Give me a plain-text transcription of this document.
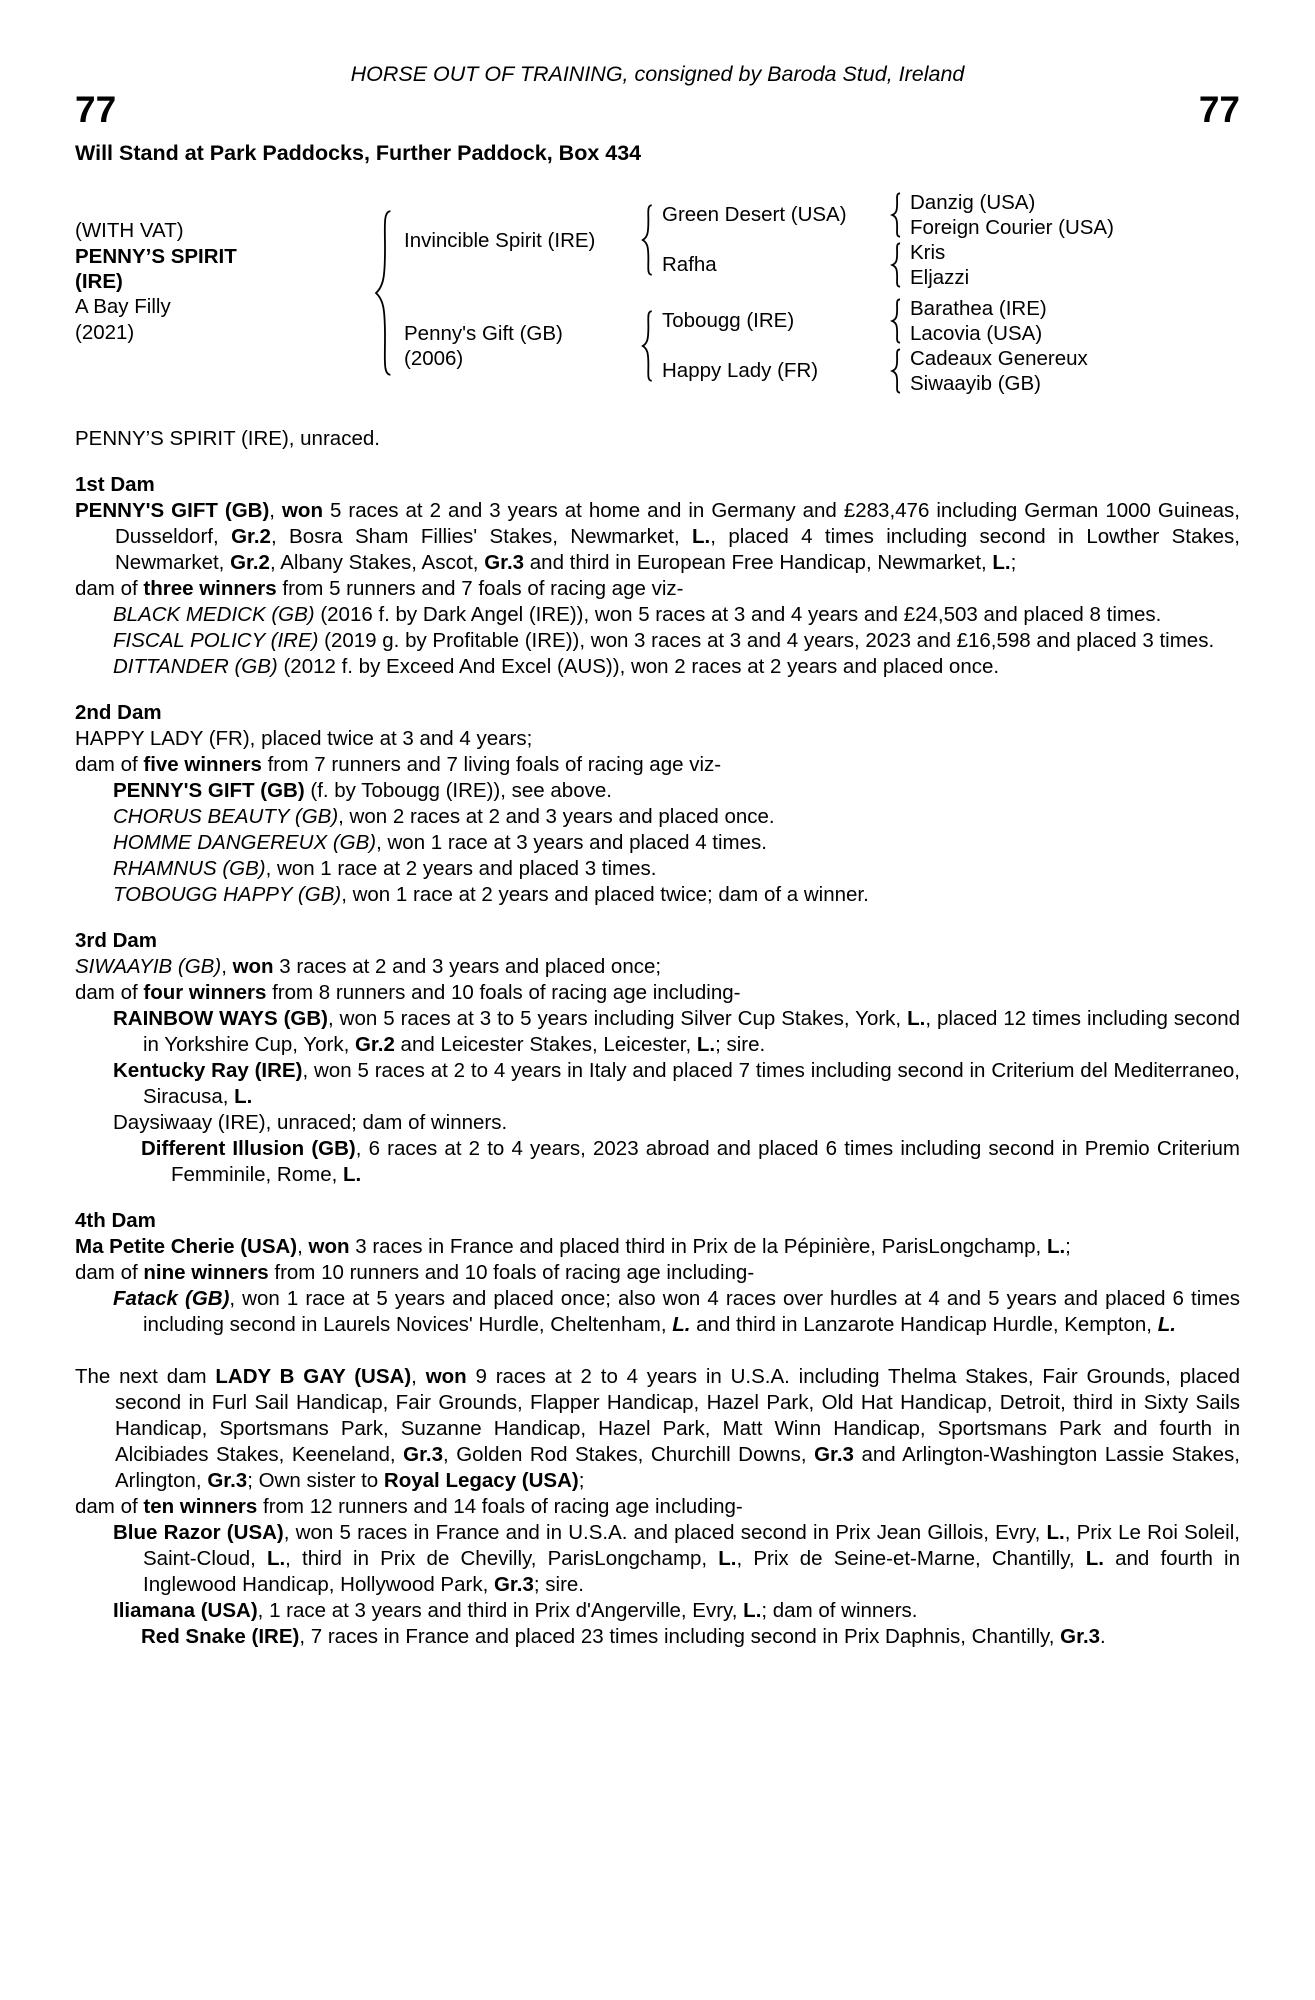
HORSE OUT OF TRAINING, consigned by Baroda Stud, Ireland
77	77
Will Stand at Park Paddocks, Further Paddock, Box 434
(WITH VAT)
PENNY’S SPIRIT
(IRE)
A Bay Filly
(2021)
Invincible Spirit (IRE)
Green Desert (USA)
Danzig (USA)
Foreign Courier (USA)
Rafha
Kris
Eljazzi
Penny's Gift (GB)
(2006)
Tobougg (IRE)
Barathea (IRE)
Lacovia (USA)
Happy Lady (FR)
Cadeaux Genereux
Siwaayib (GB)
PENNY’S SPIRIT (IRE), unraced.
1st Dam
PENNY'S GIFT (GB), won 5 races at 2 and 3 years at home and in Germany and £283,476 including German 1000 Guineas, Dusseldorf, Gr.2, Bosra Sham Fillies' Stakes, Newmarket, L., placed 4 times including second in Lowther Stakes, Newmarket, Gr.2, Albany Stakes, Ascot, Gr.3 and third in European Free Handicap, Newmarket, L.;
dam of three winners from 5 runners and 7 foals of racing age viz-
BLACK MEDICK (GB) (2016 f. by Dark Angel (IRE)), won 5 races at 3 and 4 years and £24,503 and placed 8 times.
FISCAL POLICY (IRE) (2019 g. by Profitable (IRE)), won 3 races at 3 and 4 years, 2023 and £16,598 and placed 3 times.
DITTANDER (GB) (2012 f. by Exceed And Excel (AUS)), won 2 races at 2 years and placed once.
2nd Dam
HAPPY LADY (FR), placed twice at 3 and 4 years;
dam of five winners from 7 runners and 7 living foals of racing age viz-
PENNY'S GIFT (GB) (f. by Tobougg (IRE)), see above.
CHORUS BEAUTY (GB), won 2 races at 2 and 3 years and placed once.
HOMME DANGEREUX (GB), won 1 race at 3 years and placed 4 times.
RHAMNUS (GB), won 1 race at 2 years and placed 3 times.
TOBOUGG HAPPY (GB), won 1 race at 2 years and placed twice; dam of a winner.
3rd Dam
SIWAAYIB (GB), won 3 races at 2 and 3 years and placed once;
dam of four winners from 8 runners and 10 foals of racing age including-
RAINBOW WAYS (GB), won 5 races at 3 to 5 years including Silver Cup Stakes, York, L., placed 12 times including second in Yorkshire Cup, York, Gr.2 and Leicester Stakes, Leicester, L.; sire.
Kentucky Ray (IRE), won 5 races at 2 to 4 years in Italy and placed 7 times including second in Criterium del Mediterraneo, Siracusa, L.
Daysiwaay (IRE), unraced; dam of winners.
Different Illusion (GB), 6 races at 2 to 4 years, 2023 abroad and placed 6 times including second in Premio Criterium Femminile, Rome, L.
4th Dam
Ma Petite Cherie (USA), won 3 races in France and placed third in Prix de la Pépinière, ParisLongchamp, L.;
dam of nine winners from 10 runners and 10 foals of racing age including-
Fatack (GB), won 1 race at 5 years and placed once; also won 4 races over hurdles at 4 and 5 years and placed 6 times including second in Laurels Novices' Hurdle, Cheltenham, L. and third in Lanzarote Handicap Hurdle, Kempton, L.
The next dam LADY B GAY (USA), won 9 races at 2 to 4 years in U.S.A. including Thelma Stakes, Fair Grounds, placed second in Furl Sail Handicap, Fair Grounds, Flapper Handicap, Hazel Park, Old Hat Handicap, Detroit, third in Sixty Sails Handicap, Sportsmans Park, Suzanne Handicap, Hazel Park, Matt Winn Handicap, Sportsmans Park and fourth in Alcibiades Stakes, Keeneland, Gr.3, Golden Rod Stakes, Churchill Downs, Gr.3 and Arlington-Washington Lassie Stakes, Arlington, Gr.3; Own sister to Royal Legacy (USA);
dam of ten winners from 12 runners and 14 foals of racing age including-
Blue Razor (USA), won 5 races in France and in U.S.A. and placed second in Prix Jean Gillois, Evry, L., Prix Le Roi Soleil, Saint-Cloud, L., third in Prix de Chevilly, ParisLongchamp, L., Prix de Seine-et-Marne, Chantilly, L. and fourth in Inglewood Handicap, Hollywood Park, Gr.3; sire.
Iliamana (USA), 1 race at 3 years and third in Prix d'Angerville, Evry, L.; dam of winners.
Red Snake (IRE), 7 races in France and placed 23 times including second in Prix Daphnis, Chantilly, Gr.3.
